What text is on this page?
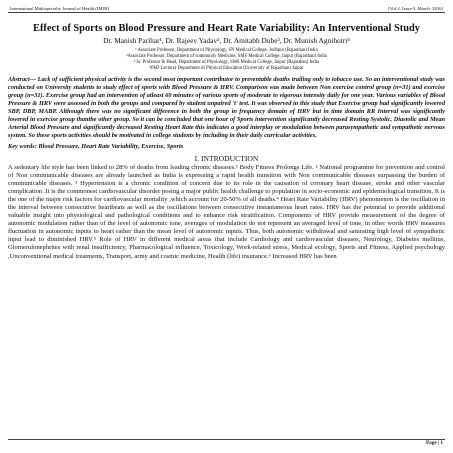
International Multispecialty Journal of Health (IMJH)	[Vol-2, Issue-3, March- 2016]
Effect of Sports on Blood Pressure and Heart Rate Variability: An Interventional Study
Dr. Manish Parihar¹, Dr. Rajeev Yadav², Dr. Amitabh Dube³, Dr. Munish Agnihotri⁴
¹ Associate Professor, Department of Physiology, SN Medical College, Jodhpur (Rajasthan) India
²Associate Professor, Department of community Medicine, SMS Medical College, Jaipur (Rajasthan) India
³ Sr. Professor & Head, Department of Physiology, SMS Medical College, Jaipur (Rajasthan) India
⁴PhD Lecturer Department of Physical Education (University of Rajasthan) Jaipur
Abstract— Lack of sufficient physical activity is the second most important contributor to preventable deaths trailing only to tobacco use. So an interventional study was conducted on University students to study effect of sports with Blood Pressure & HRV. Comparison was made between Non exercise control group (n=31) and exercise group (n=31). Exercise group had an intervention of atleast 60 minutes of various sports of moderate to vigorous intensity daily for one year. Various variables of Blood Pressure & HRV were assessed in both the groups and compared by student unpaired 't' test. It was observed in this study that Exercise group had significantly lowered SBP, DBP, MABP. Although there was no significant difference in both the group in frequency domain of HRV but in time domain RR Interval was significantly lowered in exercise group thanthe other group. So it can be concluded that one hour of Sports intervention significantly decreased Resting Systolic, Diastolic and Mean Arterial Blood Pressure and significantly decreased Resting Heart Rate this indicates a good interplay or modulation between parasympathetic and sympathetic nervous system. So these sports activities should be motivated in college students by including in their daily curricular activities.
Key words: Blood Pressure, Heart Rate Variability, Exercise, Sports
I. INTRODUCTION
A sedentary life style has been linked to 28% of deaths from leading chronic diseases.¹ Body Fitness Prolongs Life. ² National programme for prevention and control of Non communicable diseases are already launched as India is expressing a rapid health transition with Non communicable diseases surpassing the burden of communicable diseases. ³ Hypertension is a chronic condition of concern due to its role in the causation of coronary heart disease, stroke and other vascular complication .It is the commonest cardiovascular disorder posing a major public health challenge to population in socio-economic and epidemiological transition. It is the one of the major risk factors for cardiovascular mortality ,which account for 20-50% of all deaths.⁴ Heart Rate Variability (HRV) phenomenon is the oscillation in the interval between consecutive heartbeats as well as the oscillations between consecutive instantaneous heart rates. HRV has the potential to provide additional valuable insight into physiological and pathological conditions and to enhance risk stratification. Components of HRV provide measurement of the degree of autonomic modulation rather than of the level of autonomic tone, averages of modulation do not represent an averaged level of tone, in other words HRV measures fluctuation in autonomic inputs to heart rather than the mean level of autonomic inputs. Thus, both autonomic withdrawal and saturating high level of sympathetic input lead to diminished HRV.⁵ Role of HRV in different medical areas that include Cardiology and cardiovascular diseases, Neurology, Diabetes mellitus, Glomerulonephrites with renal insufficiency, Pharmacological influence, Toxicology, Work-related stress, Medical ecology, Sports and Fitness, Applied psychology ,Unconventional medical treatments, Transport, army and cosmic medicine, Health (life) insurance.⁶ Increased HRV has been
Page | 1
